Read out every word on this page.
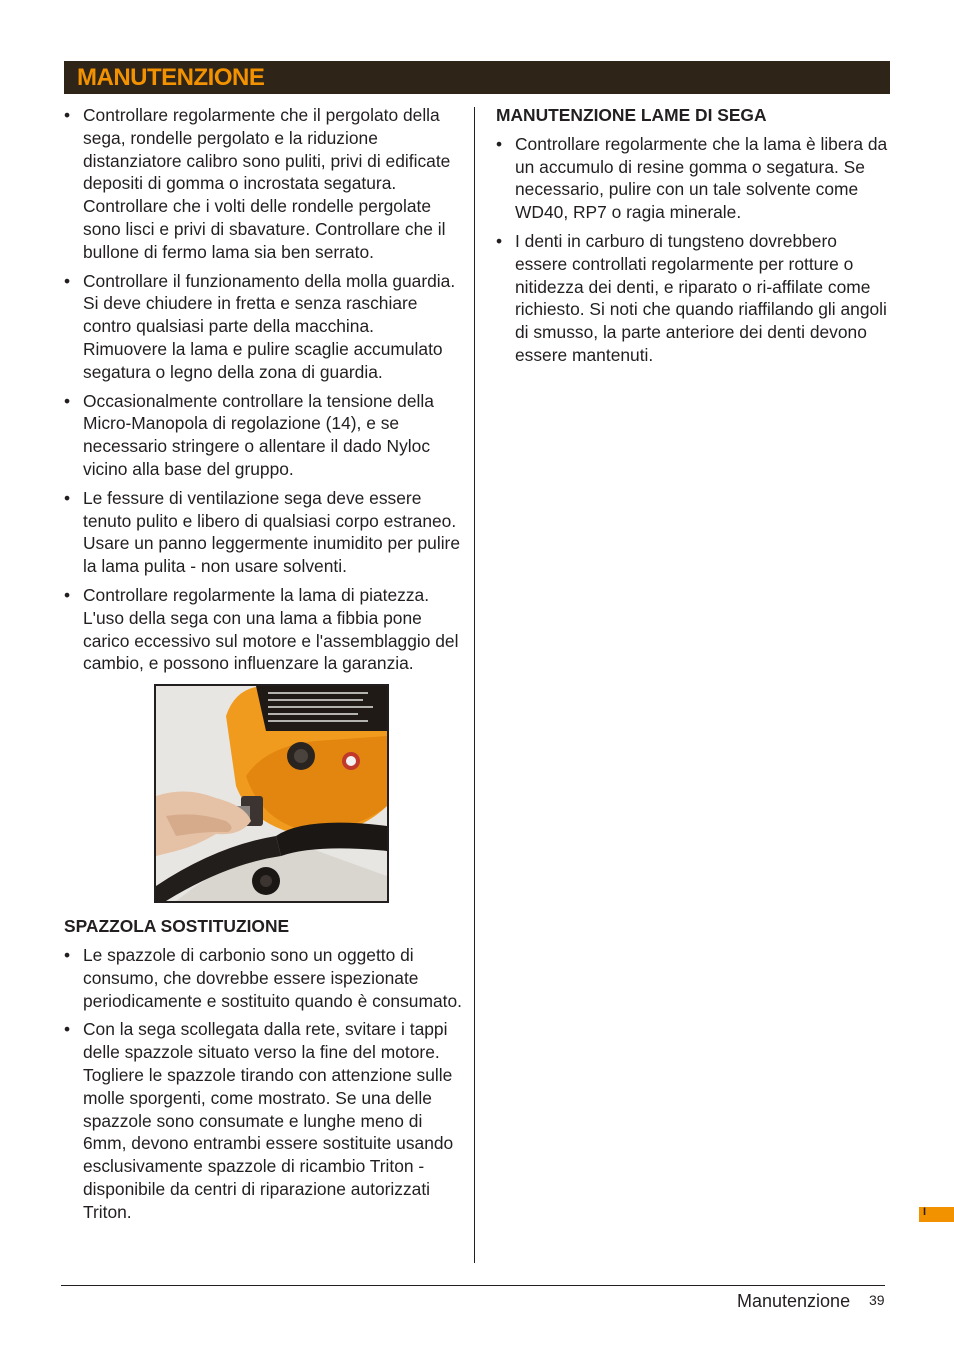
MANUTENZIONE
• Controllare regolarmente che il pergolato della sega, rondelle pergolato e la riduzione distanziatore calibro sono puliti, privi di edificate depositi di gomma o incrostata segatura. Controllare che i volti delle rondelle pergolate sono lisci e privi di sbavature. Controllare che il bullone di fermo lama sia ben serrato.
• Controllare il funzionamento della molla guardia. Si deve chiudere in fretta e senza raschiare contro qualsiasi parte della macchina. Rimuovere la lama e pulire scaglie accumulato segatura o legno della zona di guardia.
• Occasionalmente controllare la tensione della Micro-Manopola di regolazione (14), e se necessario stringere o allentare il dado Nyloc vicino alla base del gruppo.
• Le fessure di ventilazione sega deve essere tenuto pulito e libero di qualsiasi corpo estraneo. Usare un panno leggermente inumidito per pulire la lama pulita - non usare solventi.
• Controllare regolarmente la lama di piatezza. L'uso della sega con una lama a fibbia pone carico eccessivo sul motore e l'assemblaggio del cambio, e possono influenzare la garanzia.
SPAZZOLA SOSTITUZIONE
• Le spazzole di carbonio sono un oggetto di consumo, che dovrebbe essere ispezionate periodicamente e sostituito quando è consumato.
• Con la sega scollegata dalla rete, svitare i tappi delle spazzole situato verso la fine del motore. Togliere le spazzole tirando con attenzione sulle molle sporgenti, come mostrato. Se una delle spazzole sono consumate e lunghe meno di 6mm, devono entrambi essere sostituite usando esclusivamente spazzole di ricambio Triton - disponibile da centri di riparazione autorizzati Triton.
MANUTENZIONE LAME DI SEGA
• Controllare regolarmente che la lama è libera da un accumulo di resine gomma o segatura. Se necessario, pulire con un tale solvente come WD40, RP7 o ragia minerale.
• I denti in carburo di tungsteno dovrebbero essere controllati regolarmente per rotture o nitidezza dei denti, e riparato o ri-affilate come richiesto. Si noti che quando riaffilando gli angoli di smusso, la parte anteriore dei denti devono essere mantenuti.
I
Manutenzione 39
